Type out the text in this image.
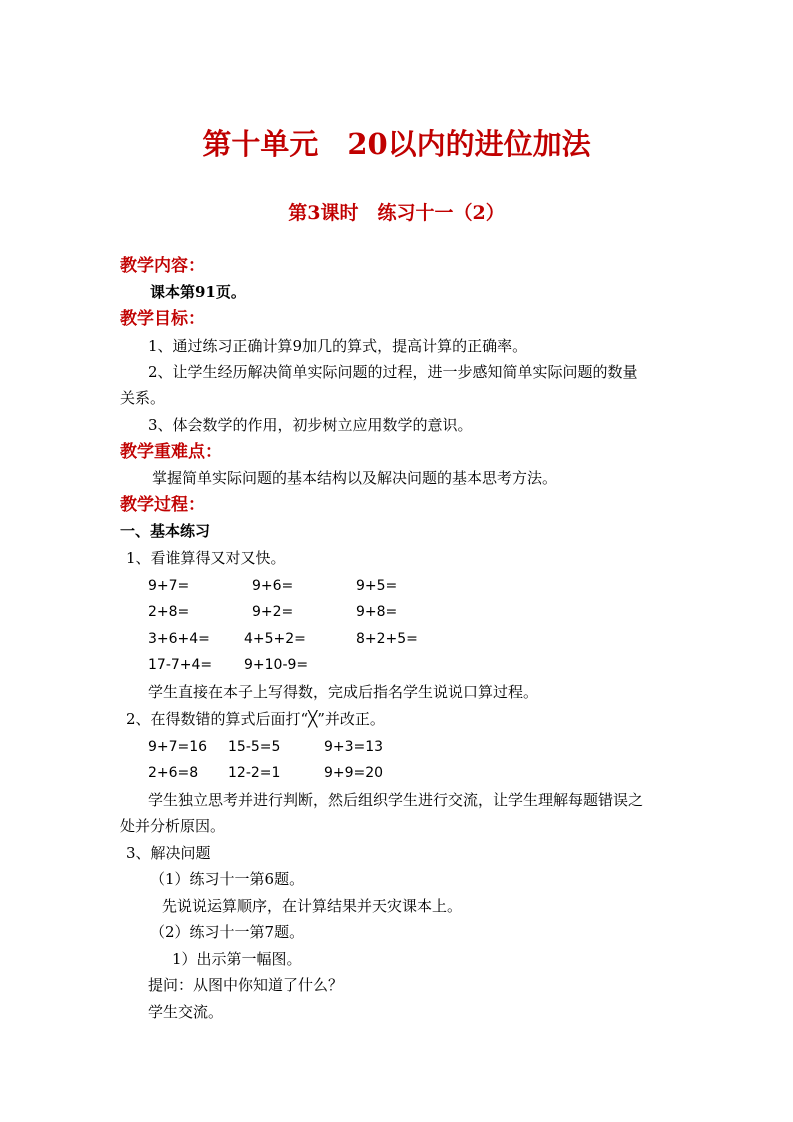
第十单元　20以内的进位加法
第3课时　练习十一（2）
教学内容：
课本第91页。
教学目标：
1、通过练习正确计算9加几的算式，提高计算的正确率。
2、让学生经历解决简单实际问题的过程，进一步感知简单实际问题的数量
关系。
3、体会数学的作用，初步树立应用数学的意识。
教学重难点：
掌握简单实际问题的基本结构以及解决问题的基本思考方法。
教学过程：
一、基本练习
1、看谁算得又对又快。
9+7=	9+6=	9+5=
2+8=	9+2=	9+8=
3+6+4= 4+5+2=	8+2+5=
17-7+4= 9+10-9=
学生直接在本子上写得数，完成后指名学生说说口算过程。
2、在得数错的算式后面打“╳”并改正。
9+7=16 15-5=5	9+3=13
2+6=8 12-2=1	9+9=20
学生独立思考并进行判断，然后组织学生进行交流，让学生理解每题错误之
处并分析原因。
3、解决问题
（1）练习十一第6题。
先说说运算顺序，在计算结果并天灾课本上。
（2）练习十一第7题。
1）出示第一幅图。
提问：从图中你知道了什么？
学生交流。
